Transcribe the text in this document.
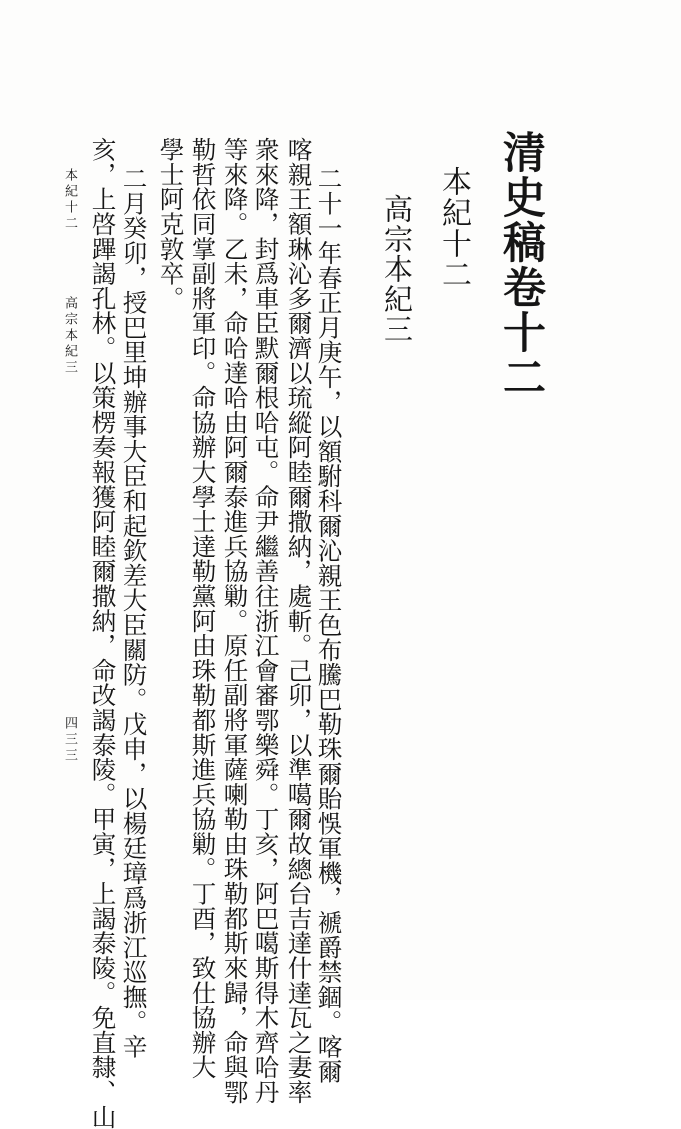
清史稿卷十二
本紀十二
高宗本紀三
二十一年春正月庚午，以額駙科爾沁親王色布騰巴勒珠爾貽悞軍機，褫爵禁錮。喀爾
喀親王額琳沁多爾濟以琉縱阿睦爾撒納，處斬。己卯，以準噶爾故總台吉達什達瓦之妻率
衆來降，封爲車臣默爾根哈屯。命尹繼善往浙江會審鄂樂舜。丁亥，阿巴噶斯得木齊哈丹
等來降。乙未，命哈達哈由阿爾泰進兵協勦。原任副將軍薩喇勒由珠勒都斯來歸，命與鄂
勒哲依同掌副將軍印。命協辦大學士達勒黨阿由珠勒都斯進兵協勦。丁酉，致仕協辦大
學士阿克敦卒。
二月癸卯，授巴里坤辦事大臣和起欽差大臣關防。戊申，以楊廷璋爲浙江巡撫。辛
亥，上啓蹕謁孔林。以策楞奏報獲阿睦爾撒納，命改謁泰陵。甲寅，上謁泰陵。免直隸、山
本紀十二
高宗本紀三
四三三
